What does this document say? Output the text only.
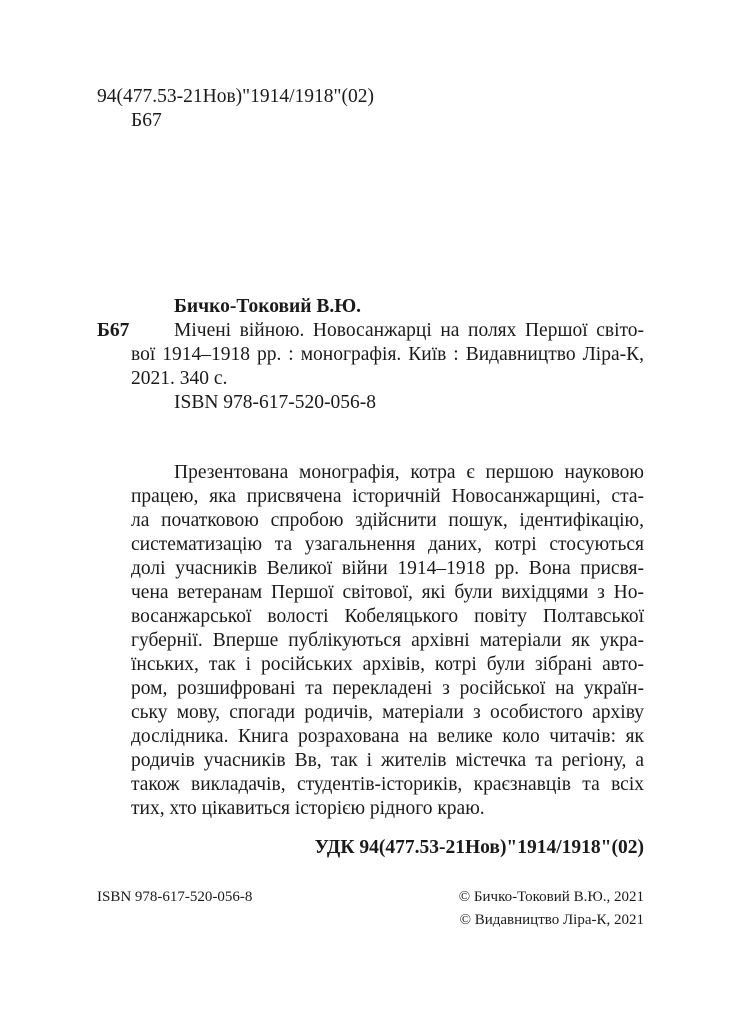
94(477.53-21Нов)"1914/1918"(02)
Б67
Бичко-Токовий В.Ю.
Б67 Мічені війною. Новосанжарці на полях Першої світо-
вої 1914–1918 рр. : монографія. Київ : Видавництво Ліра-К,
2021. 340 с.
ISBN 978-617-520-056-8
Презентована монографія, котра є першою науковою
працею, яка присвячена історичній Новосанжарщині, ста-
ла початковою спробою здійснити пошук, ідентифікацію,
систематизацію та узагальнення даних, котрі стосуються
долі учасників Великої війни 1914–1918 рр. Вона присвя-
чена ветеранам Першої світової, які були вихідцями з Но-
восанжарської волості Кобеляцького повіту Полтавської
губернії. Вперше публікуються архівні матеріали як укра-
їнських, так і російських архівів, котрі були зібрані авто-
ром, розшифровані та перекладені з російської на україн-
ську мову, спогади родичів, матеріали з особистого архіву
дослідника. Книга розрахована на велике коло читачів: як
родичів учасників Вв, так і жителів містечка та регіону, а
також викладачів, студентів-істориків, краєзнавців та всіх
тих, хто цікавиться історією рідного краю.
УДК 94(477.53-21Нов)"1914/1918"(02)
ISBN 978-617-520-056-8	© Бичко-Токовий В.Ю., 2021
© Видавництво Ліра-К, 2021
